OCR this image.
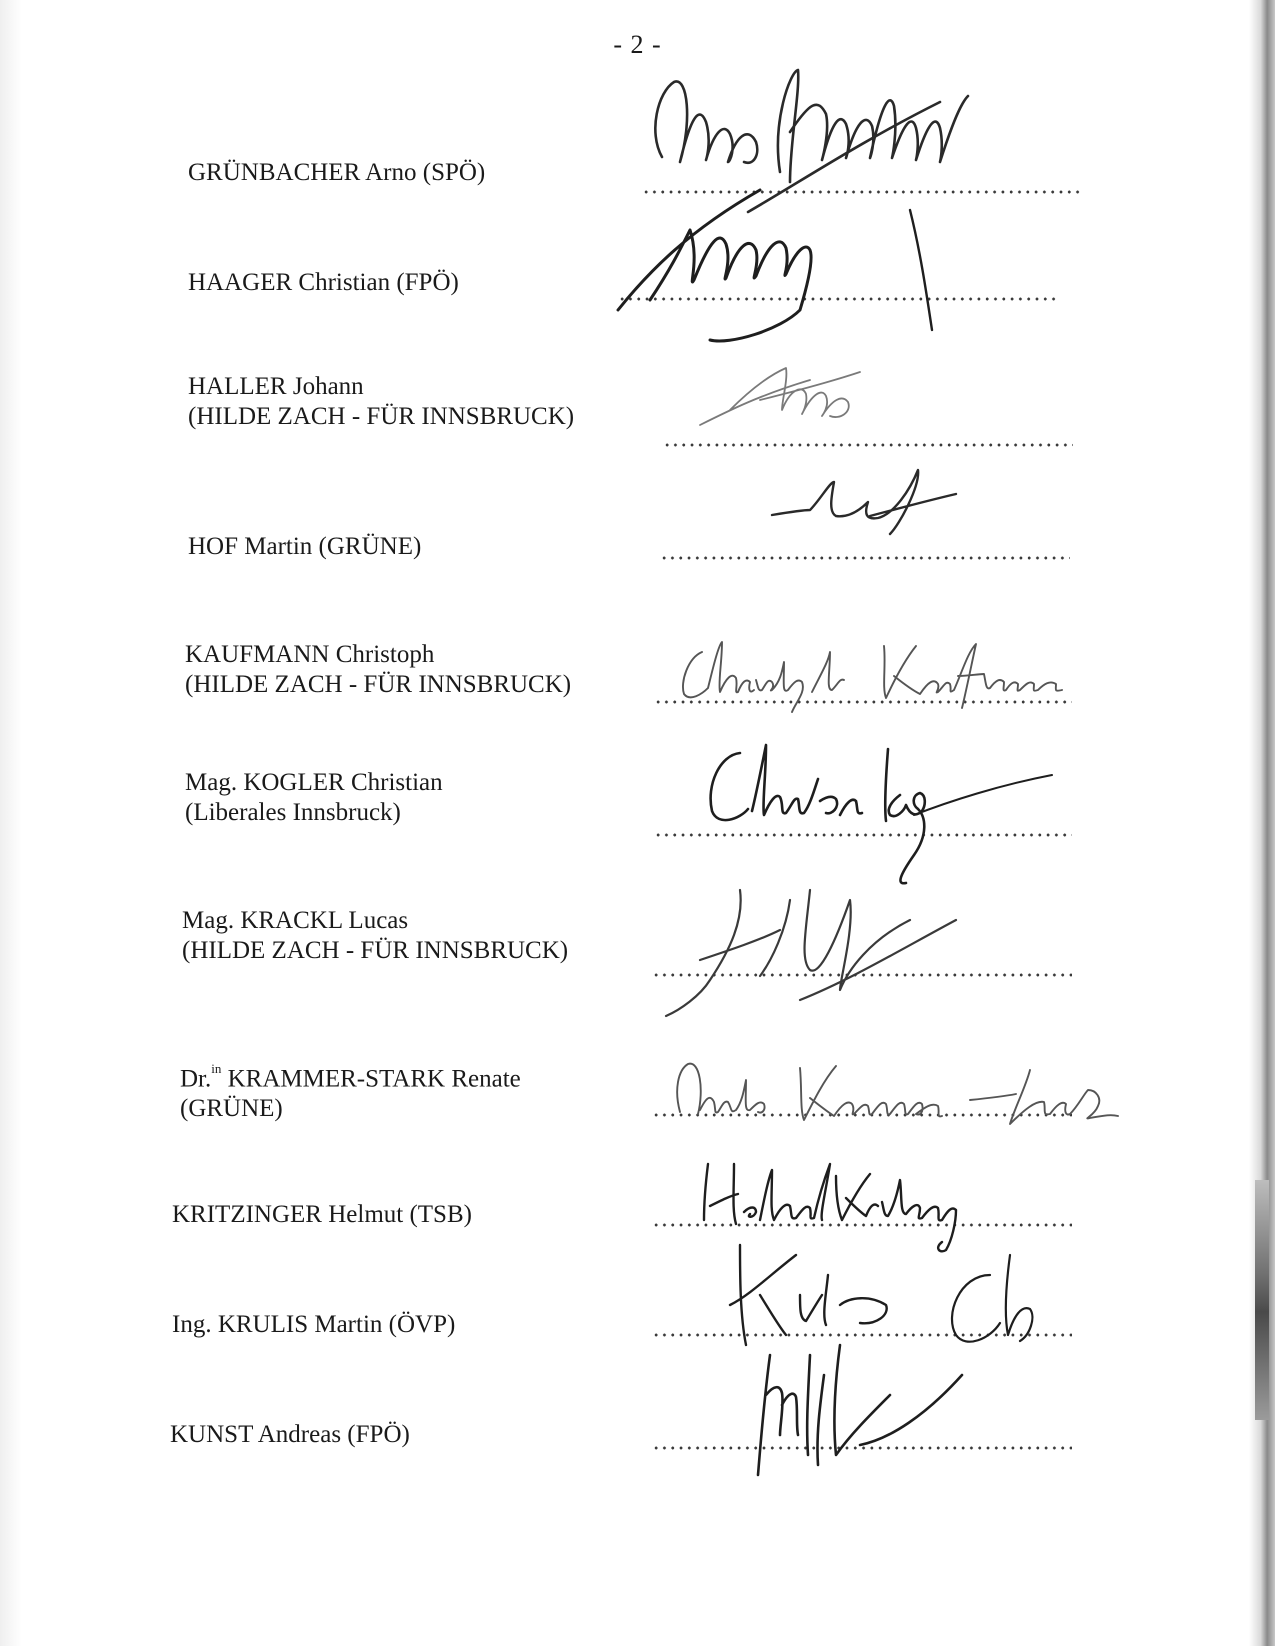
- 2 -
GRÜNBACHER Arno (SPÖ)
HAAGER Christian (FPÖ)
HALLER Johann
(HILDE ZACH - FÜR INNSBRUCK)
HOF Martin (GRÜNE)
KAUFMANN Christoph
(HILDE ZACH - FÜR INNSBRUCK)
Mag. KOGLER Christian
(Liberales Innsbruck)
Mag. KRACKL Lucas
(HILDE ZACH - FÜR INNSBRUCK)
Dr.$^{in}$ KRAMMER-STARK Renate
(GRÜNE)
KRITZINGER Helmut (TSB)
Ing. KRULIS Martin (ÖVP)
KUNST Andreas (FPÖ)
